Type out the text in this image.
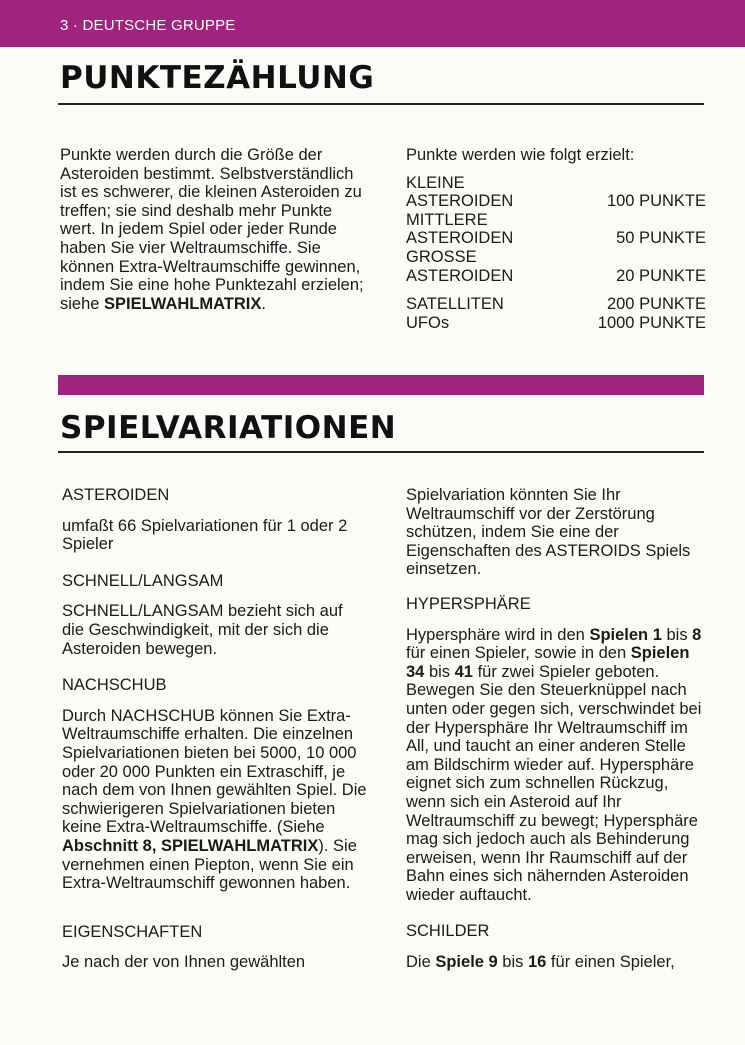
3 · DEUTSCHE GRUPPE
PUNKTEZÄHLUNG

Punkte werden durch die Größe der Asteroiden bestimmt. Selbstverständlich ist es schwerer, die kleinen Asteroiden zu treffen; sie sind deshalb mehr Punkte wert. In jedem Spiel oder jeder Runde haben Sie vier Weltraumschiffe. Sie können Extra-Weltraumschiffe gewinnen, indem Sie eine hohe Punktezahl erzielen; siehe SPIELWAHLMATRIX.

Punkte werden wie folgt erzielt:

KLEINE
ASTEROIDEN	100 PUNKTE
MITTLERE
ASTEROIDEN	50 PUNKTE
GROSSE
ASTEROIDEN	20 PUNKTE
SATELLITEN	200 PUNKTE
UFOs	1000 PUNKTE
SPIELVARIATIONEN

ASTEROIDEN

umfaßt 66 Spielvariationen für 1 oder 2 Spieler

SCHNELL/LANGSAM

SCHNELL/LANGSAM bezieht sich auf die Geschwindigkeit, mit der sich die Asteroiden bewegen.

NACHSCHUB

Durch NACHSCHUB können Sie Extra-Weltraumschiffe erhalten. Die einzelnen Spielvariationen bieten bei 5000, 10 000 oder 20 000 Punkten ein Extraschiff, je nach dem von Ihnen gewählten Spiel. Die schwierigeren Spielvariationen bieten keine Extra-Weltraumschiffe. (Siehe Abschnitt 8, SPIELWAHLMATRIX). Sie vernehmen einen Piepton, wenn Sie ein Extra-Weltraumschiff gewonnen haben.

EIGENSCHAFTEN

Je nach der von Ihnen gewählten

Spielvariation könnten Sie Ihr Weltraumschiff vor der Zerstörung schützen, indem Sie eine der Eigenschaften des ASTEROIDS Spiels einsetzen.

HYPERSPHÄRE

Hypersphäre wird in den Spielen 1 bis 8 für einen Spieler, sowie in den Spielen 34 bis 41 für zwei Spieler geboten. Bewegen Sie den Steuerknüppel nach unten oder gegen sich, verschwindet bei der Hypersphäre Ihr Weltraumschiff im All, und taucht an einer anderen Stelle am Bildschirm wieder auf. Hypersphäre eignet sich zum schnellen Rückzug, wenn sich ein Asteroid auf Ihr Weltraumschiff zu bewegt; Hypersphäre mag sich jedoch auch als Behinderung erweisen, wenn Ihr Raumschiff auf der Bahn eines sich nähernden Asteroiden wieder auftaucht.

SCHILDER

Die Spiele 9 bis 16 für einen Spieler,
